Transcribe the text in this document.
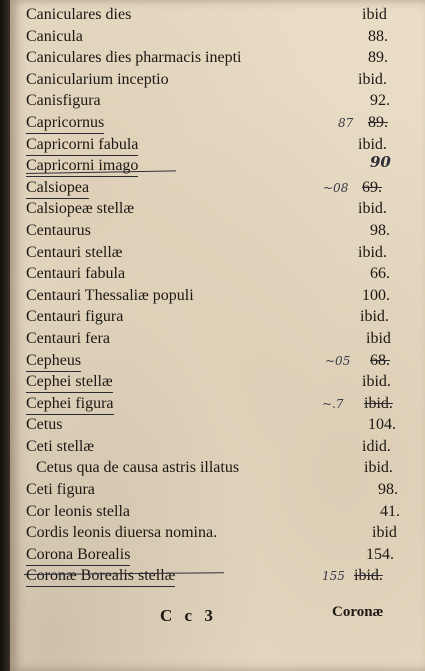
Caniculares dies	ibid
Canicula	88.
Caniculares dies pharmacis inepti	89.
Canicularium inceptio	ibid.
Canisfigura	92.
Capricornus	87 89.
Capricorni fabula	ibid.
Capricorni imago	90
Calsiopea	~08 69.
Calsiopeæ stellæ	ibid.
Centaurus	98.
Centauri stellæ	ibid.
Centauri fabula	66.
Centauri Thessaliæ populi	100.
Centauri figura	ibid.
Centauri fera	ibid
Cepheus	~05 68.
Cephei stellæ	ibid.
Cephei figura	~.7 ibid.
Cetus	104.
Ceti stellæ	idid.
Cetus qua de causa astris illatus	ibid.
Ceti figura	98.
Cor leonis stella	41.
Cordis leonis diuersa nomina.	ibid
Corona Borealis	154.
Coronæ Borealis stellæ	155 ibid.
C c 3	Coronæ
